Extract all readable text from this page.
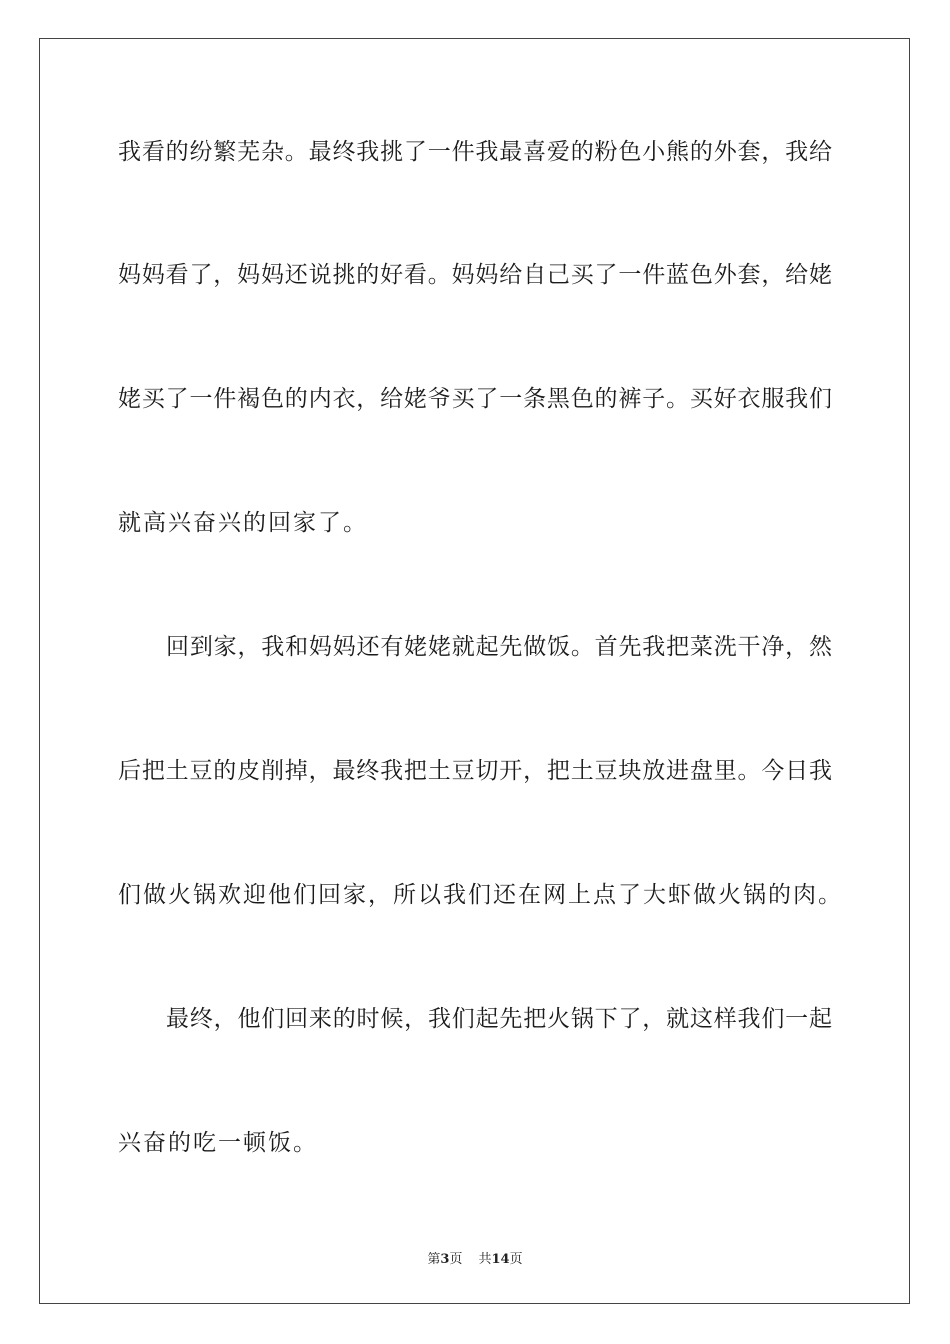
我看的纷繁芜杂。最终我挑了一件我最喜爱的粉色小熊的外套，我给
妈妈看了，妈妈还说挑的好看。妈妈给自己买了一件蓝色外套，给姥
姥买了一件褐色的内衣，给姥爷买了一条黑色的裤子。买好衣服我们
就高兴奋兴的回家了。
回到家，我和妈妈还有姥姥就起先做饭。首先我把菜洗干净，然
后把土豆的皮削掉，最终我把土豆切开，把土豆块放进盘里。今日我
们做火锅欢迎他们回家，所以我们还在网上点了大虾做火锅的肉。
最终，他们回来的时候，我们起先把火锅下了，就这样我们一起
兴奋的吃一顿饭。
第3页 共14页
